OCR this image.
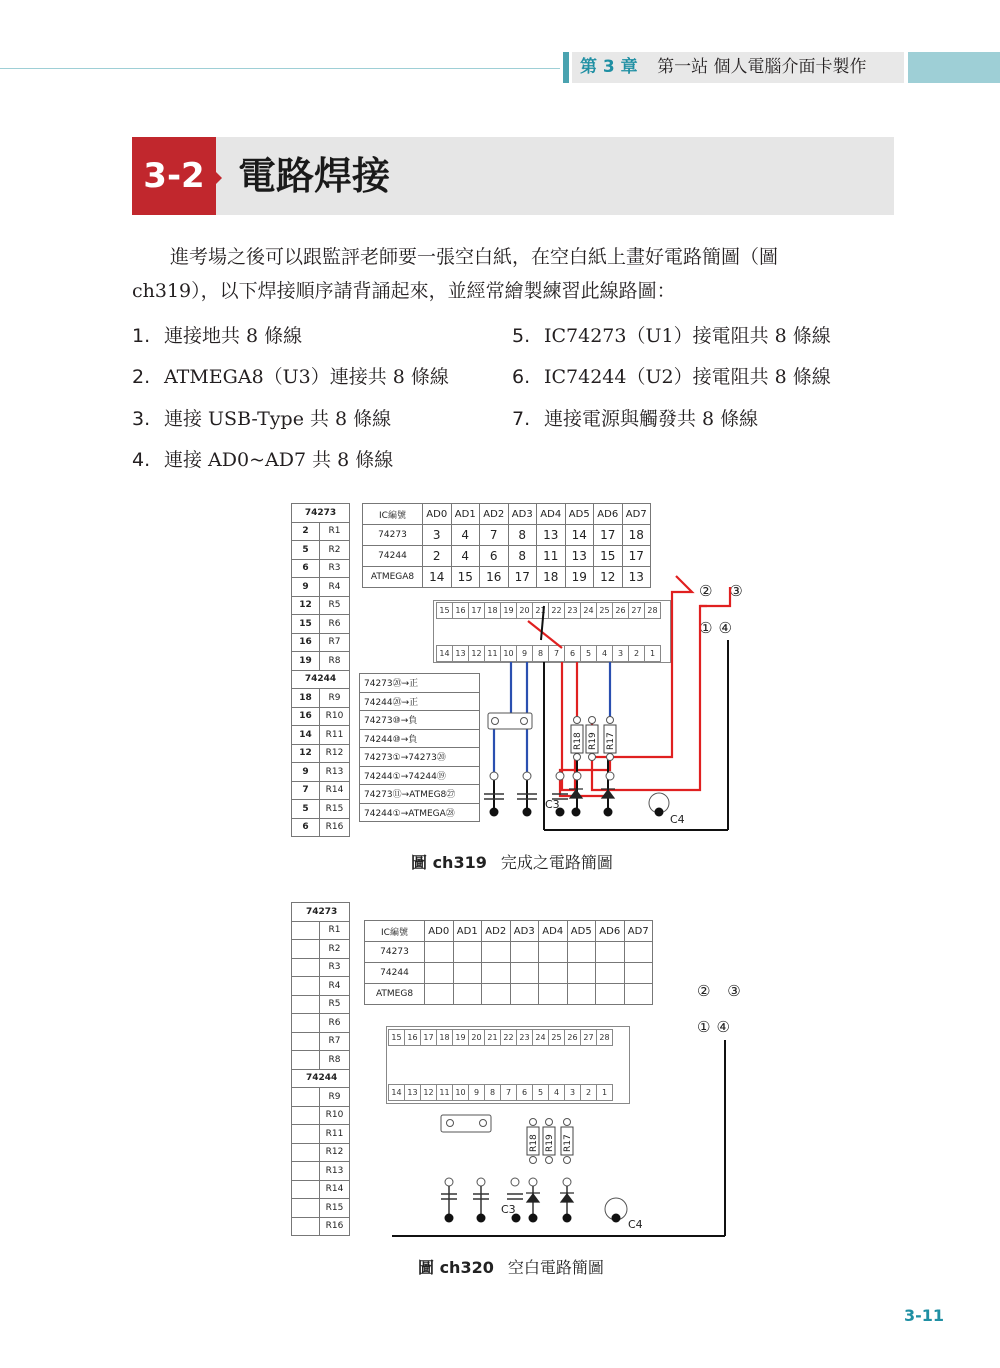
第 3 章 第一站 個人電腦介面卡製作
3-2 電路焊接
進考場之後可以跟監評老師要一張空白紙，在空白紙上畫好電路簡圖（圖
ch319），以下焊接順序請背誦起來，並經常繪製練習此線路圖：
1. 連接地共 8 條線
2. ATMEGA8（U3）連接共 8 條線
3. 連接 USB-Type 共 8 條線
4. 連接 AD0~AD7 共 8 條線
5. IC74273（U1）接電阻共 8 條線
6. IC74244（U2）接電阻共 8 條線
7. 連接電源與觸發共 8 條線
74273	
2	R1
5	R2
6	R3
9	R4
12	R5
15	R6
16	R7
19	R8
74244	
18	R9
16	R10
14	R11
12	R12
9	R13
7	R14
5	R15
6	R16
IC編號	AD0	AD1	AD2	AD3	AD4	AD5	AD6	AD7
74273	3	4	7	8	13	14	17	18
74244	2	4	6	8	11	13	15	17
ATMEGA8	14	15	16	17	18	19	12	13
74273⑳→正
74244⑳→正
74273⑩→負
74244⑩→負
74273①→74273⑳
74244①→74244⑲
74273⑪→ATMEG8㉗
74244①→ATMEGA㉘
15 16 17 18 19 20 21 22 23 24 25 26 27 28
14 13 12 11 10	9	8	7	6	5	4	3	2	1
② ③
①④
R18 R19 R17
C3
C4
圖 ch319 完成之電路簡圖
74273	
	R1
	R2
	R3
	R4
	R5
	R6
	R7
	R8
74244	
	R9
	R10
	R11
	R12
	R13
	R14
	R15
	R16
IC編號	AD0	AD1	AD2	AD3	AD4	AD5	AD6	AD7
74273								
74244								
ATMEG8								
15 16 17 18 19 20 21 22 23 24 25 26 27 28
14 13 12 11 10	9	8	7	6	5	4	3	2	1
② ③
①④
R18 R19 R17
C3
C4
圖 ch320 空白電路簡圖
3-11
